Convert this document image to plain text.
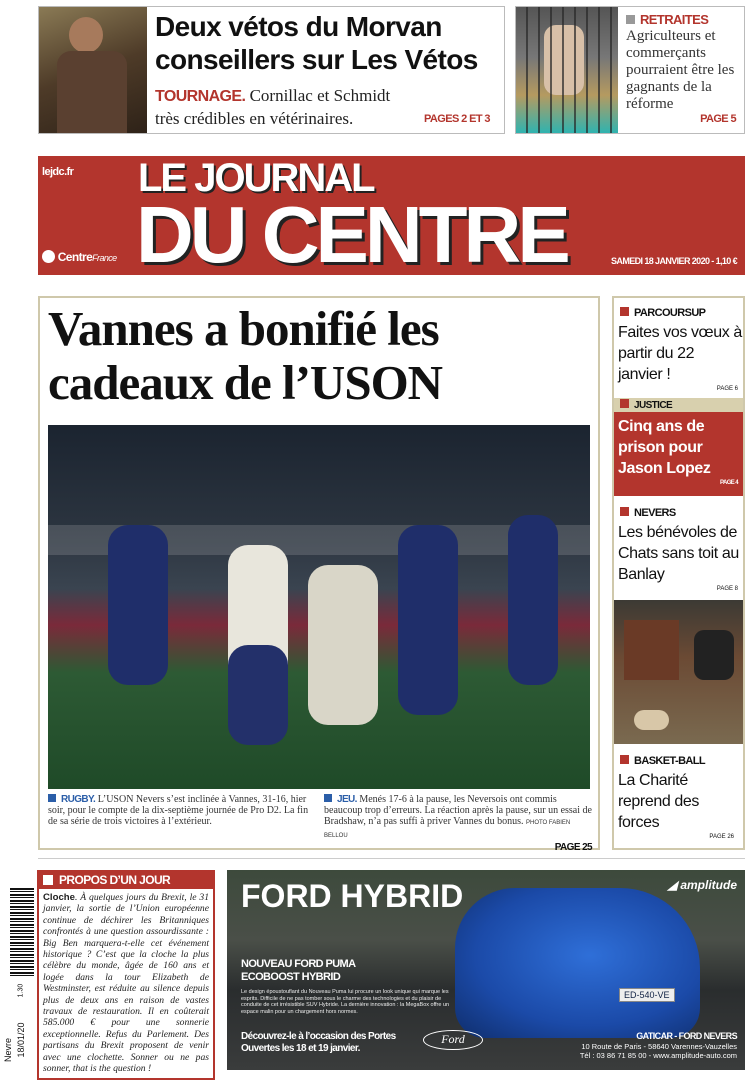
Deux vétos du Morvan conseillers sur Les Vétos
TOURNAGE. Cornillac et Schmidt très crédibles en vétérinaires.	PAGES 2 ET 3
RETRAITES
Agriculteurs et commerçants pourraient être les gagnants de la réforme
PAGE 5
lejdc.fr LE JOURNAL
DU CENTRE
CentreFrance	SAMEDI 18 JANVIER 2020 - 1,10 €
Vannes a bonifié les cadeaux de l’USON
RUGBY. L’USON Nevers s’est inclinée à Vannes, 31-16, hier soir, pour le compte de la dix-septième journée de Pro D2. La fin de sa série de trois victoires à l’extérieur.
JEU. Menés 17-6 à la pause, les Neversois ont commis beaucoup trop d’erreurs. La réaction après la pause, sur un essai de Bradshaw, n’a pas suffi à priver Vannes du bonus. PHOTO FABIEN BELLOU
PAGE 25
PARCOURSUP
Faites vos vœux à partir du 22 janvier !
PAGE 6
JUSTICE
Cinq ans de prison pour Jason Lopez
PAGE 4
NEVERS
Les bénévoles de Chats sans toit au Banlay
PAGE 8
BASKET-BALL
La Charité reprend des forces
PAGE 26
1.30
Nevre 18/01/20
PROPOS D’UN JOUR
Cloche. À quelques jours du Brexit, le 31 janvier, la sortie de l’Union européenne continue de déchirer les Britanniques confrontés à une question assourdissante : Big Ben marquera-t-elle cet événement historique ? C’est que la cloche la plus célèbre du monde, âgée de 160 ans et logée dans la tour Elizabeth de Westminster, est réduite au silence depuis plus de deux ans en raison de vastes travaux de restauration. Il en coûterait 585.000 € pour une sonnerie exceptionnelle. Refus du Parlement. Des partisans du Brexit proposent de venir avec une clochette. Sonner ou ne pas sonner, that is the question !
ED-540-VE
FORD HYBRID	◢ amplitude
NOUVEAU FORD PUMA
ECOBOOST HYBRID
Le design époustouflant du Nouveau Puma lui procure un look unique qui marque les esprits. Difficile de ne pas tomber sous le charme des technologies et du plaisir de conduite de cet irrésistible SUV Hybride. La dernière innovation : la MegaBox offre un espace malin pour un chargement hors normes.
Découvrez-le à l’occasion des Portes Ouvertes les 18 et 19 janvier.
Ford	GATICAR - FORD NEVERS
10 Route de Paris - 58640 Varennes-Vauzelles
Tél : 03 86 71 85 00 - www.amplitude-auto.com
